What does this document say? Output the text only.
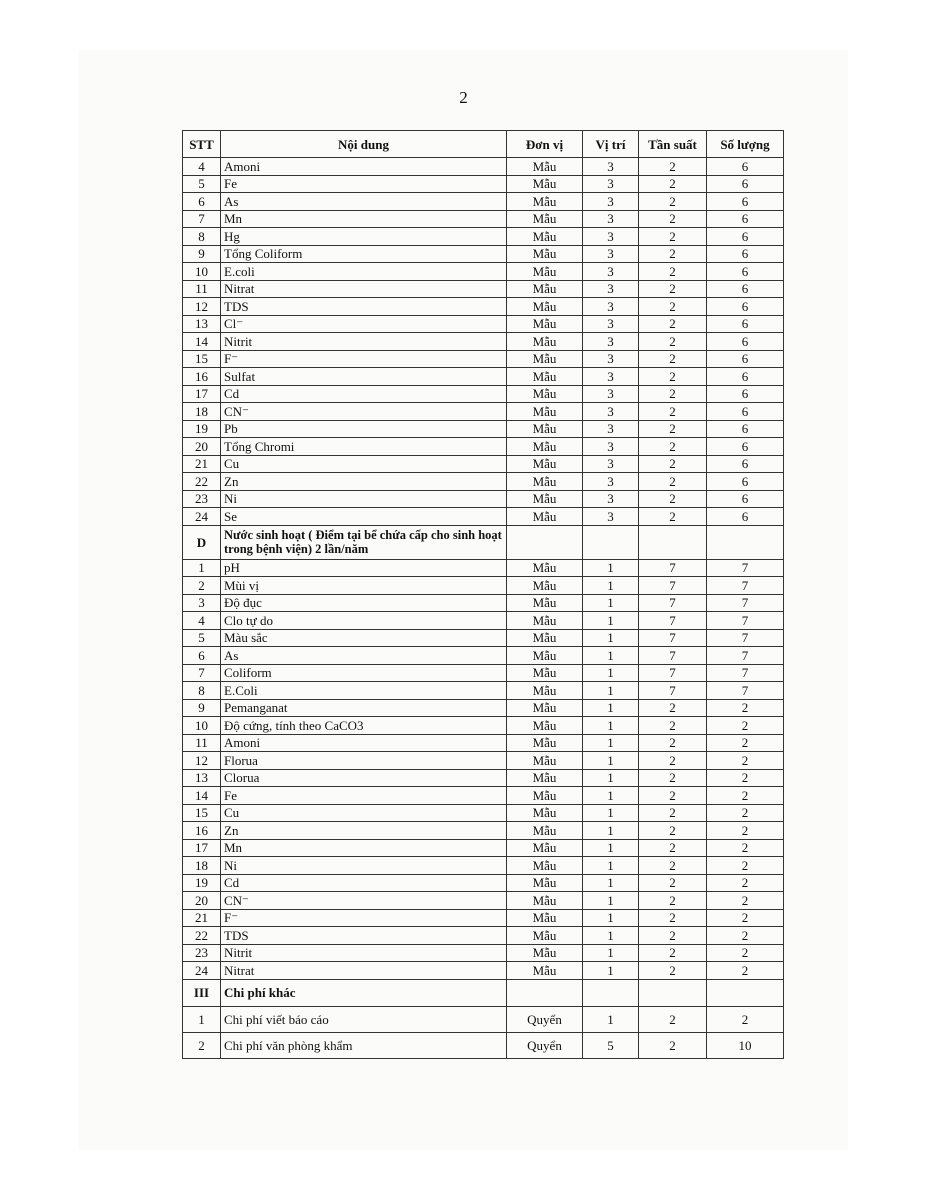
2
STT	Nội dung	Đơn vị	Vị trí	Tần suất	Số lượng
4	Amoni	Mẫu	3	2	6
5	Fe	Mẫu	3	2	6
6	As	Mẫu	3	2	6
7	Mn	Mẫu	3	2	6
8	Hg	Mẫu	3	2	6
9	Tổng Coliform	Mẫu	3	2	6
10	E.coli	Mẫu	3	2	6
11	Nitrat	Mẫu	3	2	6
12	TDS	Mẫu	3	2	6
13	Cl⁻	Mẫu	3	2	6
14	Nitrit	Mẫu	3	2	6
15	F⁻	Mẫu	3	2	6
16	Sulfat	Mẫu	3	2	6
17	Cd	Mẫu	3	2	6
18	CN⁻	Mẫu	3	2	6
19	Pb	Mẫu	3	2	6
20	Tổng Chromi	Mẫu	3	2	6
21	Cu	Mẫu	3	2	6
22	Zn	Mẫu	3	2	6
23	Ni	Mẫu	3	2	6
24	Se	Mẫu	3	2	6
D	Nước sinh hoạt ( Điểm tại bể chứa cấp cho sinh hoạt trong bệnh viện) 2 lần/năm				
1	pH	Mẫu	1	7	7
2	Mùi vị	Mẫu	1	7	7
3	Độ đục	Mẫu	1	7	7
4	Clo tự do	Mẫu	1	7	7
5	Màu sắc	Mẫu	1	7	7
6	As	Mẫu	1	7	7
7	Coliform	Mẫu	1	7	7
8	E.Coli	Mẫu	1	7	7
9	Pemanganat	Mẫu	1	2	2
10	Độ cứng, tính theo CaCO3	Mẫu	1	2	2
11	Amoni	Mẫu	1	2	2
12	Florua	Mẫu	1	2	2
13	Clorua	Mẫu	1	2	2
14	Fe	Mẫu	1	2	2
15	Cu	Mẫu	1	2	2
16	Zn	Mẫu	1	2	2
17	Mn	Mẫu	1	2	2
18	Ni	Mẫu	1	2	2
19	Cd	Mẫu	1	2	2
20	CN⁻	Mẫu	1	2	2
21	F⁻	Mẫu	1	2	2
22	TDS	Mẫu	1	2	2
23	Nitrit	Mẫu	1	2	2
24	Nitrat	Mẫu	1	2	2
III	Chi phí khác				
1	Chi phí viết báo cáo	Quyển	1	2	2
2	Chi phí văn phòng khẩm	Quyển	5	2	10
